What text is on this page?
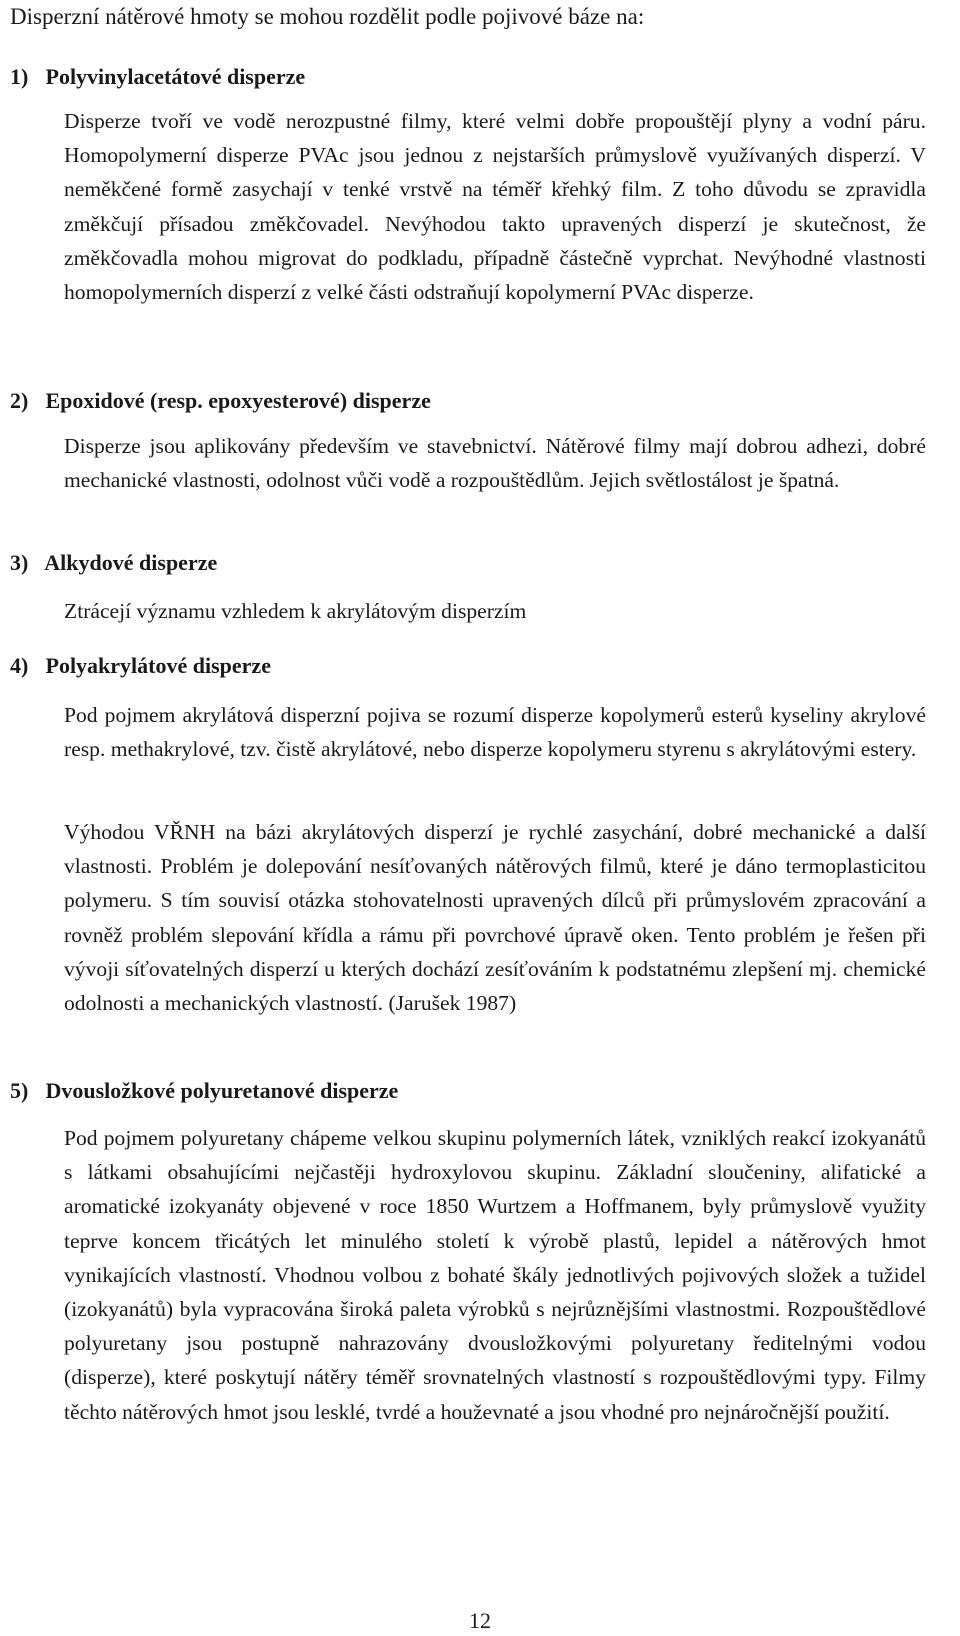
Disperzní nátěrové hmoty se mohou rozdělit podle pojivové báze na:

1) Polyvinylacetátové disperze

Disperze tvoří ve vodě nerozpustné filmy, které velmi dobře propouštějí plyny a vodní páru. Homopolymerní disperze PVAc jsou jednou z nejstarších průmyslově využívaných disperzí. V neměkčené formě zasychají v tenké vrstvě na téměř křehký film. Z toho důvodu se zpravidla změkčují přísadou změkčovadel. Nevýhodou takto upravených disperzí je skutečnost, že změkčovadla mohou migrovat do podkladu, případně částečně vyprchat. Nevýhodné vlastnosti homopolymerních disperzí z velké části odstraňují kopolymerní PVAc disperze.

2) Epoxidové (resp. epoxyesterové) disperze

Disperze jsou aplikovány především ve stavebnictví. Nátěrové filmy mají dobrou adhezi, dobré mechanické vlastnosti, odolnost vůči vodě a rozpouštědlům. Jejich světlostálost je špatná.

3) Alkydové disperze

Ztrácejí významu vzhledem k akrylátovým disperzím

4) Polyakrylátové disperze

Pod pojmem akrylátová disperzní pojiva se rozumí disperze kopolymerů esterů kyseliny akrylové resp. methakrylové, tzv. čistě akrylátové, nebo disperze kopolymeru styrenu s akrylátovými estery.

Výhodou VŘNH na bázi akrylátových disperzí je rychlé zasychání, dobré mechanické a další vlastnosti. Problém je dolepování nesíťovaných nátěrových filmů, které je dáno termoplasticitou polymeru. S tím souvisí otázka stohovatelnosti upravených dílců při průmyslovém zpracování a rovněž problém slepování křídla a rámu při povrchové úpravě oken. Tento problém je řešen při vývoji síťovatelných disperzí u kterých dochází zesíťováním k podstatnému zlepšení mj. chemické odolnosti a mechanických vlastností. (Jarušek 1987)

5) Dvousložkové polyuretanové disperze

Pod pojmem polyuretany chápeme velkou skupinu polymerních látek, vzniklých reakcí izokyanátů s látkami obsahujícími nejčastěji hydroxylovou skupinu. Základní sloučeniny, alifatické a aromatické izokyanáty objevené v roce 1850 Wurtzem a Hoffmanem, byly průmyslově využity teprve koncem třicátých let minulého století k výrobě plastů, lepidel a nátěrových hmot vynikajících vlastností. Vhodnou volbou z bohaté škály jednotlivých pojivových složek a tužidel (izokyanátů) byla vypracována široká paleta výrobků s nejrůznějšími vlastnostmi. Rozpouštědlové polyuretany jsou postupně nahrazovány dvousložkovými polyuretany ředitelnými vodou (disperze), které poskytují nátěry téměř srovnatelných vlastností s rozpouštědlovými typy. Filmy těchto nátěrových hmot jsou lesklé, tvrdé a houževnaté a jsou vhodné pro nejnáročnější použití.

12
